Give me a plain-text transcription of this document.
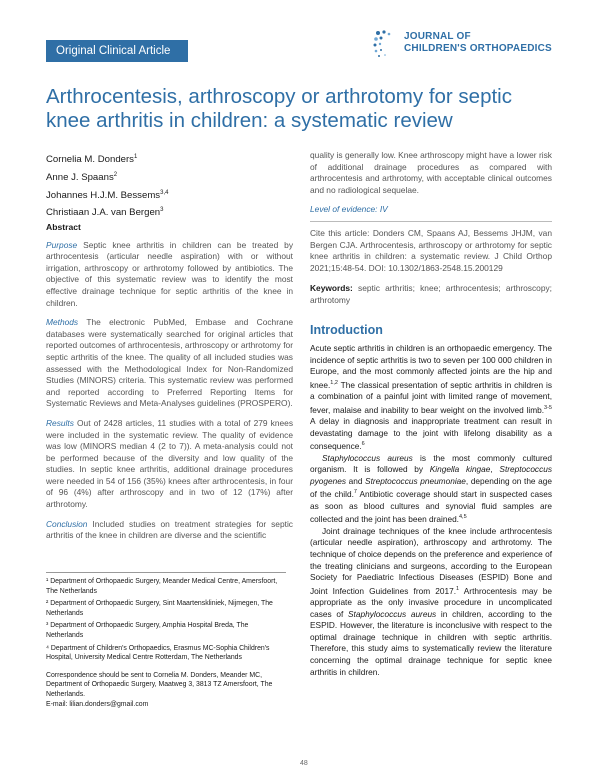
Original Clinical Article
JOURNAL OF
CHILDREN'S ORTHOPAEDICS
Arthrocentesis, arthroscopy or arthrotomy for septic knee arthritis in children: a systematic review
Cornelia M. Donders$^1$
Anne J. Spaans$^2$
Johannes H.J.M. Bessems$^{3,4}$
Christiaan J.A. van Bergen$^3$
Abstract

Purpose Septic knee arthritis in children can be treated by arthrocentesis (articular needle aspiration) with or without irrigation, arthroscopy or arthrotomy followed by antibiotics. The objective of this systematic review was to identify the most effective drainage technique for septic arthritis of the knee in children.

Methods The electronic PubMed, Embase and Cochrane databases were systematically searched for original articles that reported outcomes of arthrocentesis, arthroscopy or arthrotomy for septic arthritis of the knee. The quality of all included studies was assessed with the Methodological Index for Non-Randomized Studies (MINORS) criteria. This systematic review was performed and reported according to Preferred Reporting Items for Systematic Reviews and Meta-Analyses guidelines (PROSPERO).

Results Out of 2428 articles, 11 studies with a total of 279 knees were included in the systematic review. The quality of evidence was low (MINORS median 4 (2 to 7)). A meta-analysis could not be performed because of the diversity and low quality of the studies. In septic knee arthritis, additional drainage procedures were needed in 54 of 156 (35%) knees after arthrocentesis, in four of 96 (4%) after arthroscopy and in two of 12 (17%) after arthrotomy.

Conclusion Included studies on treatment strategies for septic arthritis of the knee in children are diverse and the scientific

¹ Department of Orthopaedic Surgery, Meander Medical Centre, Amersfoort, The Netherlands

² Department of Orthopaedic Surgery, Sint Maartenskliniek, Nijmegen, The Netherlands

³ Department of Orthopaedic Surgery, Amphia Hospital Breda, The Netherlands

⁴ Department of Children's Orthopaedics, Erasmus MC-Sophia Children's Hospital, University Medical Centre Rotterdam, The Netherlands

Correspondence should be sent to Cornelia M. Donders, Meander MC, Department of Orthopaedic Surgery, Maatweg 3, 3813 TZ Amersfoort, The Netherlands.

E-mail: lilian.donders@gmail.com

quality is generally low. Knee arthroscopy might have a lower risk of additional drainage procedures as compared with arthrocentesis and arthrotomy, with acceptable clinical outcomes and no radiological sequelae.

Level of evidence: IV

Cite this article: Donders CM, Spaans AJ, Bessems JHJM, van Bergen CJA. Arthrocentesis, arthroscopy or arthrotomy for septic knee arthritis in children: a systematic review. J Child Orthop 2021;15:48-54. DOI: 10.1302/1863-2548.15.200129

Keywords: septic arthritis; knee; arthrocentesis; arthroscopy; arthrotomy

Introduction

Acute septic arthritis in children is an orthopaedic emergency. The incidence of septic arthritis is two to seven per 100 000 children in Europe, and the most commonly affected joints are the hip and knee.$^{1,2}$ The classical presentation of septic arthritis in children is a combination of a painful joint with limited range of movement, fever, malaise and inability to bear weight on the involved limb.$^{3-5}$ A delay in diagnosis and inappropriate treatment can result in devastating damage to the joint with lifelong disability as a consequence.$^6$

Staphylococcus aureus is the most commonly cultured organism. It is followed by Kingella kingae, Streptococcus pyogenes and Streptococcus pneumoniae, depending on the age of the child.$^7$ Antibiotic coverage should start in suspected cases as soon as blood cultures and synovial fluid samples are collected and the joint has been drained.$^{4,5}$

Joint drainage techniques of the knee include arthrocentesis (articular needle aspiration), arthroscopy and arthrotomy. The technique of choice depends on the preference and experience of the treating clinicians and surgeons, according to the European Society for Paediatric Infectious Diseases (ESPID) Bone and Joint Infection Guidelines from 2017.$^1$ Arthrocentesis may be appropriate as the only invasive procedure in uncomplicated cases of Staphylococcus aureus in children, according to the ESPID. However, the literature is inconclusive with respect to the optimal drainage technique in children with septic arthritis. Therefore, this study aims to systematically review the literature concerning the optimal drainage technique for septic knee arthritis in children.

48
